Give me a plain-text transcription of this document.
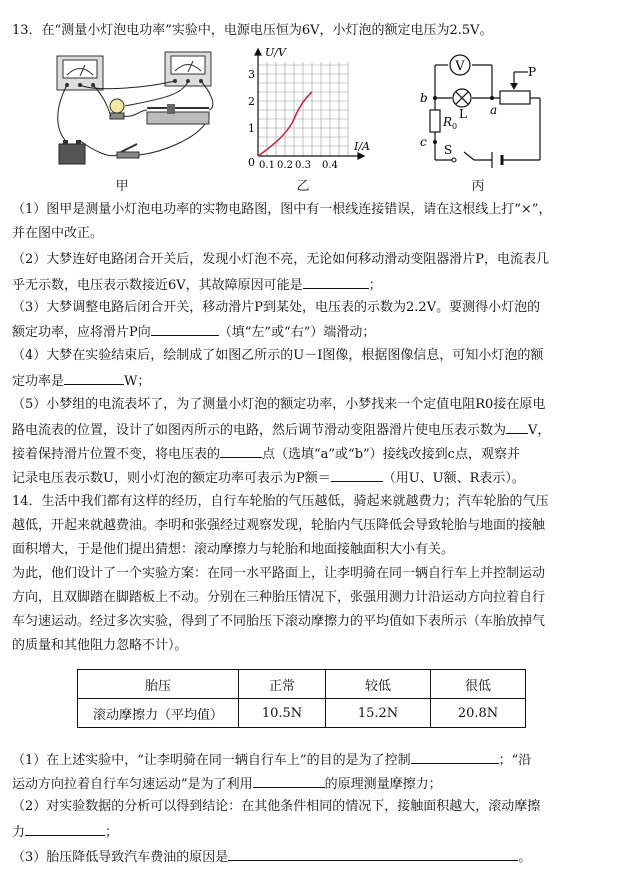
13．在“测量小灯泡电功率”实验中，电源电压恒为6V，小灯泡的额定电压为2.5V。
U/V
I/A
0
3
2
1
0.1 0.2 0.3 0.4
V	P
b
a
c
L
$R_0$
S
甲	乙	丙
（1）图甲是测量小灯泡电功率的实物电路图，图中有一根线连接错误，请在这根线上打“×”，
并在图中改正。
（2）大梦连好电路闭合开关后，发现小灯泡不亮，无论如何移动滑动变阻器滑片P，电流表几
乎无示数，电压表示数接近6V，其故障原因可能是	；
（3）大梦调整电路后闭合开关，移动滑片P到某处，电压表的示数为2.2V。要测得小灯泡的
额定功率，应将滑片P向	（填“左”或“右”）端滑动；
（4）大梦在实验结束后，绘制成了如图乙所示的U－I图像，根据图像信息，可知小灯泡的额
定功率是	W；
（5）小梦组的电流表坏了，为了测量小灯泡的额定功率，小梦找来一个定值电阻R0接在原电
路电流表的位置，设计了如图丙所示的电路，然后调节滑动变阻器滑片使电压表示数为 V，
接着保持滑片位置不变，将电压表的	点（选填“a”或“b”）接线改接到c点，观察并
记录电压表示数U，则小灯泡的额定功率可表示为P额＝	（用U、U额、R表示）。
14．生活中我们都有这样的经历，自行车轮胎的气压越低，骑起来就越费力；汽车轮胎的气压
越低，开起来就越费油。李明和张强经过观察发现，轮胎内气压降低会导致轮胎与地面的接触
面积增大，于是他们提出猜想：滚动摩擦力与轮胎和地面接触面积大小有关。
为此，他们设计了一个实验方案：在同一水平路面上，让李明骑在同一辆自行车上并控制运动
方向，且双脚踏在脚踏板上不动。分别在三种胎压情况下，张强用测力计沿运动方向拉着自行
车匀速运动。经过多次实验，得到了不同胎压下滚动摩擦力的平均值如下表所示（车胎放掉气
的质量和其他阻力忽略不计）。
胎压	正常	较低	很低
滚动摩擦力（平均值）	10.5N	15.2N	20.8N
（1）在上述实验中，“让李明骑在同一辆自行车上”的目的是为了控制	；“沿
运动方向拉着自行车匀速运动”是为了利用	的原理测量摩擦力；
（2）对实验数据的分析可以得到结论：在其他条件相同的情况下，接触面积越大，滚动摩擦
力	；
（3）胎压降低导致汽车费油的原因是	。
